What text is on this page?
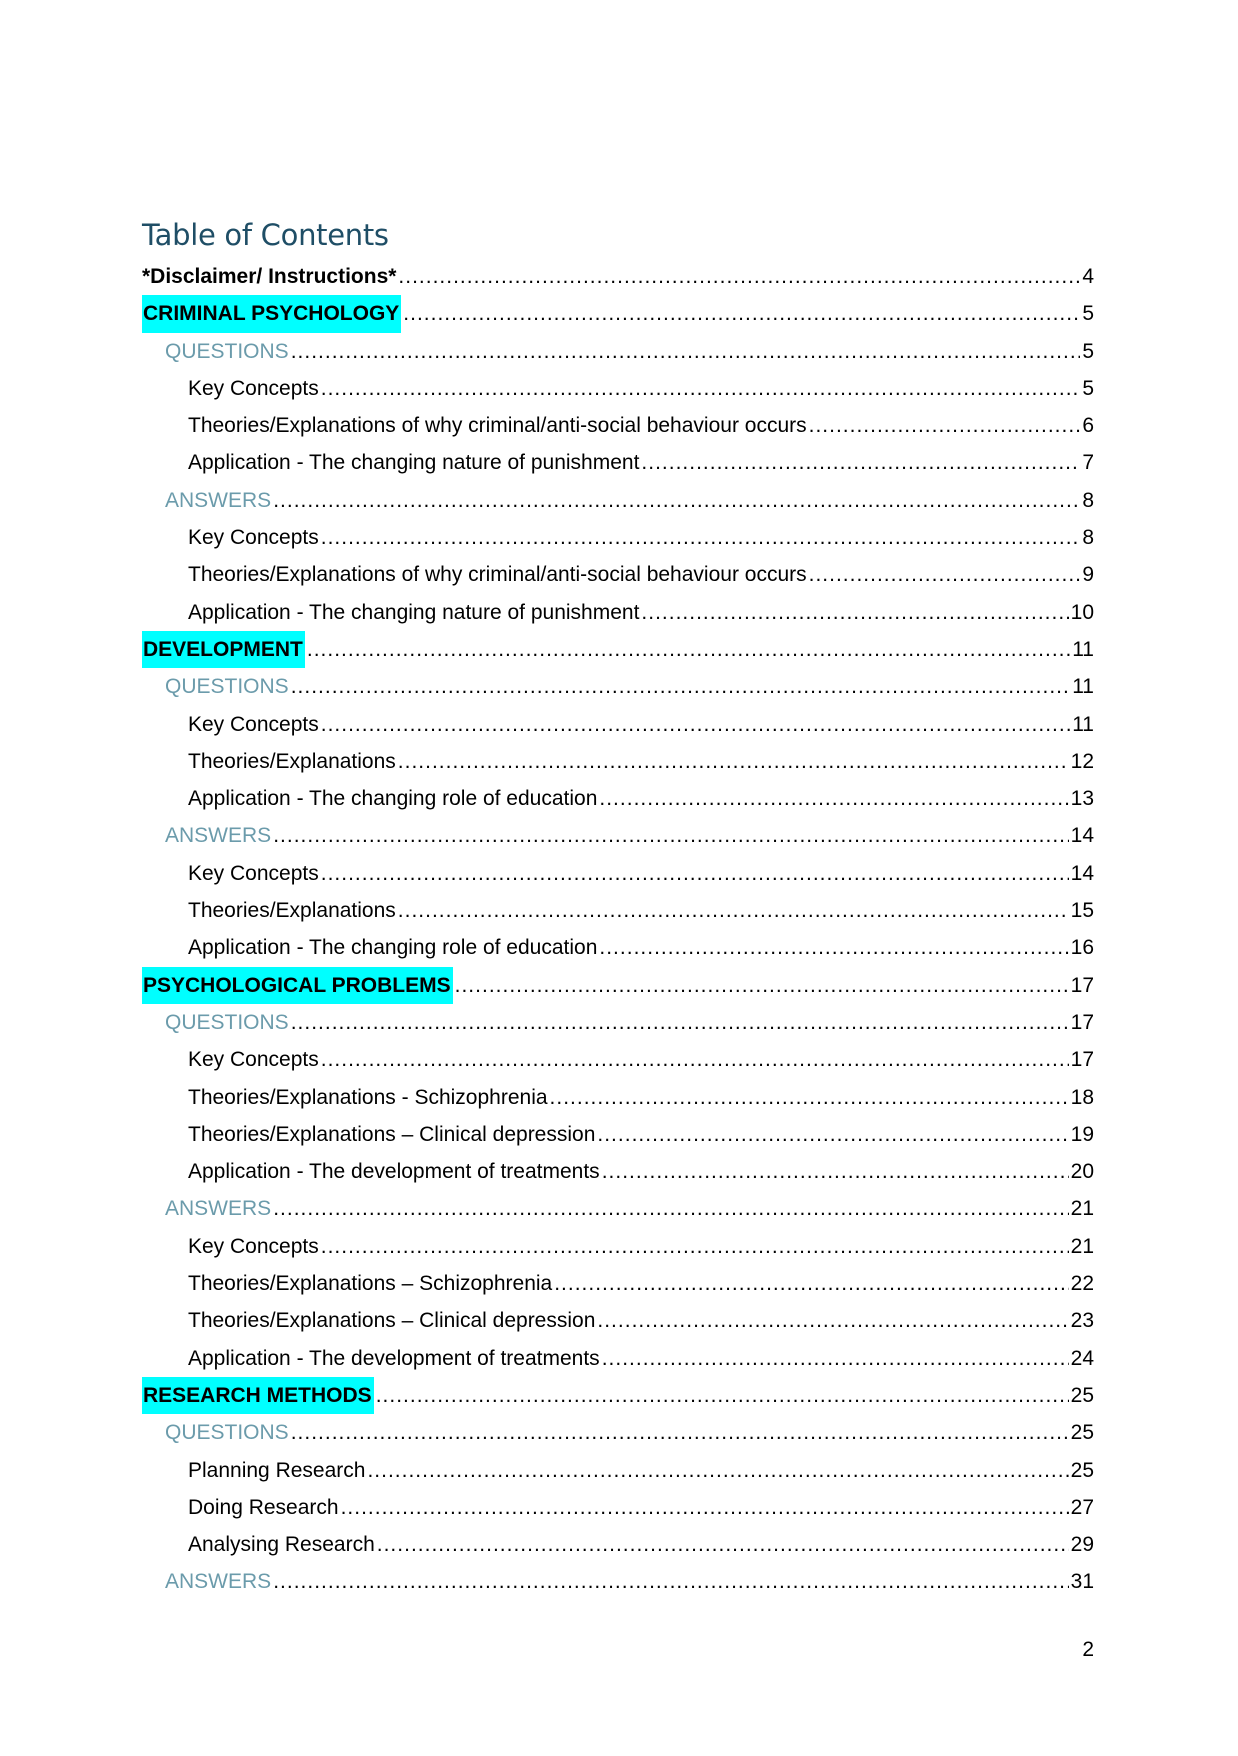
Table of Contents
*Disclaimer/ Instructions* .....	4
CRIMINAL PSYCHOLOGY .....	5
QUESTIONS .....	5
Key Concepts .....	5
Theories/Explanations of why criminal/anti-social behaviour occurs .....	6
Application - The changing nature of punishment .....	7
ANSWERS .....	8
Key Concepts .....	8
Theories/Explanations of why criminal/anti-social behaviour occurs .....	9
Application - The changing nature of punishment .....	10
DEVELOPMENT .....	11
QUESTIONS .....	11
Key Concepts .....	11
Theories/Explanations .....	12
Application - The changing role of education .....	13
ANSWERS .....	14
Key Concepts .....	14
Theories/Explanations .....	15
Application - The changing role of education .....	16
PSYCHOLOGICAL PROBLEMS .....	17
QUESTIONS .....	17
Key Concepts .....	17
Theories/Explanations - Schizophrenia .....	18
Theories/Explanations – Clinical depression .....	19
Application - The development of treatments .....	20
ANSWERS .....	21
Key Concepts .....	21
Theories/Explanations – Schizophrenia .....	22
Theories/Explanations – Clinical depression .....	23
Application - The development of treatments .....	24
RESEARCH METHODS .....	25
QUESTIONS .....	25
Planning Research .....	25
Doing Research .....	27
Analysing Research .....	29
ANSWERS .....	31
2
